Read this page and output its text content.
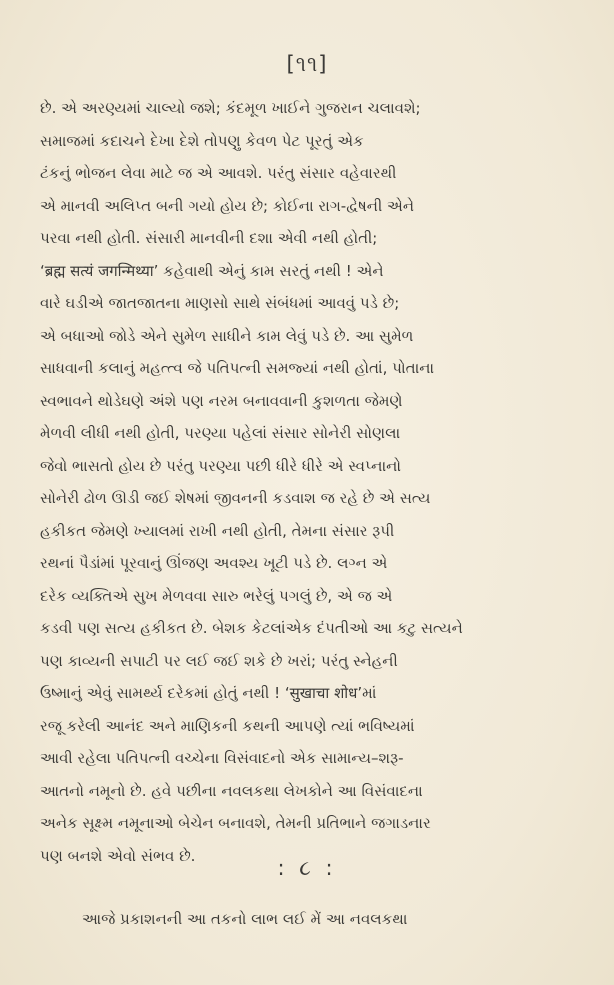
[૧૧]
છે. એ અરણ્યમાં ચાલ્યો જશે; કંદમૂળ ખાઈને ગુજરાન ચલાવશે;
સમાજમાં કદાચને દેખા દેશે તોપણુ કેવળ પેટ પૂરતું એક
ટંકનું ભોજન લેવા માટે જ એ આવશે. પરંતુ સંસાર વહેવારથી
એ માનવી અલિપ્ત બની ગયો હોય છે; કોઈના રાગ-દ્વેષની એને
પરવા નથી હોતી. સંસારી માનવીની દશા એવી નથી હોતી;
‘ब्रह्म सत्यं जगन्मिथ्या’ કહેવાથી એનું કામ સરતું નથી ! એને
વારે ઘડીએ જાતજાતના માણસો સાથે સંબંધમાં આવવું પડે છે;
એ બધાઓ જોડે એને સુમેળ સાધીને કામ લેવું પડે છે. આ સુમેળ
સાધવાની કલાનું મહત્ત્વ જે પતિપત્ની સમજ્યાં નથી હોતાં, પોતાના
સ્વભાવને થોડેઘણે અંશે પણ નરમ બનાવવાની કુશળતા જેમણે
મેળવી લીધી નથી હોતી, પરણ્યા પહેલાં સંસાર સોનેરી સોણલા
જેવો ભાસતો હોય છે પરંતુ પરણ્યા પછી ધીરે ધીરે એ સ્વપ્નાનો
સોનેરી ઢોળ ઊડી જઈ શેષમાં જીવનની કડવાશ જ રહે છે એ સત્ય
હકીકત જેમણે ખ્યાલમાં રાખી નથી હોતી, તેમના સંસાર રૂપી
રથનાં પૈડાંમાં પૂરવાનું ઊંજણ અવશ્ય ખૂટી પડે છે. લગ્ન એ
દરેક વ્યક્તિએ સુખ મેળવવા સારુ ભરેલું પગલું છે, એ જ એ
કડવી પણ સત્ય હકીકત છે. બેશક કેટલાંએક દંપતીઓ આ કટુ સત્યને
પણ કાવ્યની સપાટી પર લઈ જઈ શકે છે ખરાં; પરંતુ સ્નેહની
ઉષ્માનું એવું સામર્થ્ય દરેકમાં હોતું નથી ! ‘सुखाचा शोध’માં
રજૂ કરેલી આનંદ અને માણિકની કથની આપણે ત્યાં ભવિષ્યમાં
આવી રહેલા પતિપત્ની વચ્ચેના વિસંવાદનો એક સામાન્ય–શરૂ-
આતનો નમૂનો છે. હવે પછીના નવલકથા લેખકોને આ વિસંવાદના
અનેક સૂક્ષ્મ નમૂનાઓ બેચેન બનાવશે, તેમની પ્રતિભાને જગાડનાર
પણ બનશે એવો સંભવ છે.
: ૮ :
આજે પ્રકાશનની આ તકનો લાભ લઈ મેં આ નવલકથા
